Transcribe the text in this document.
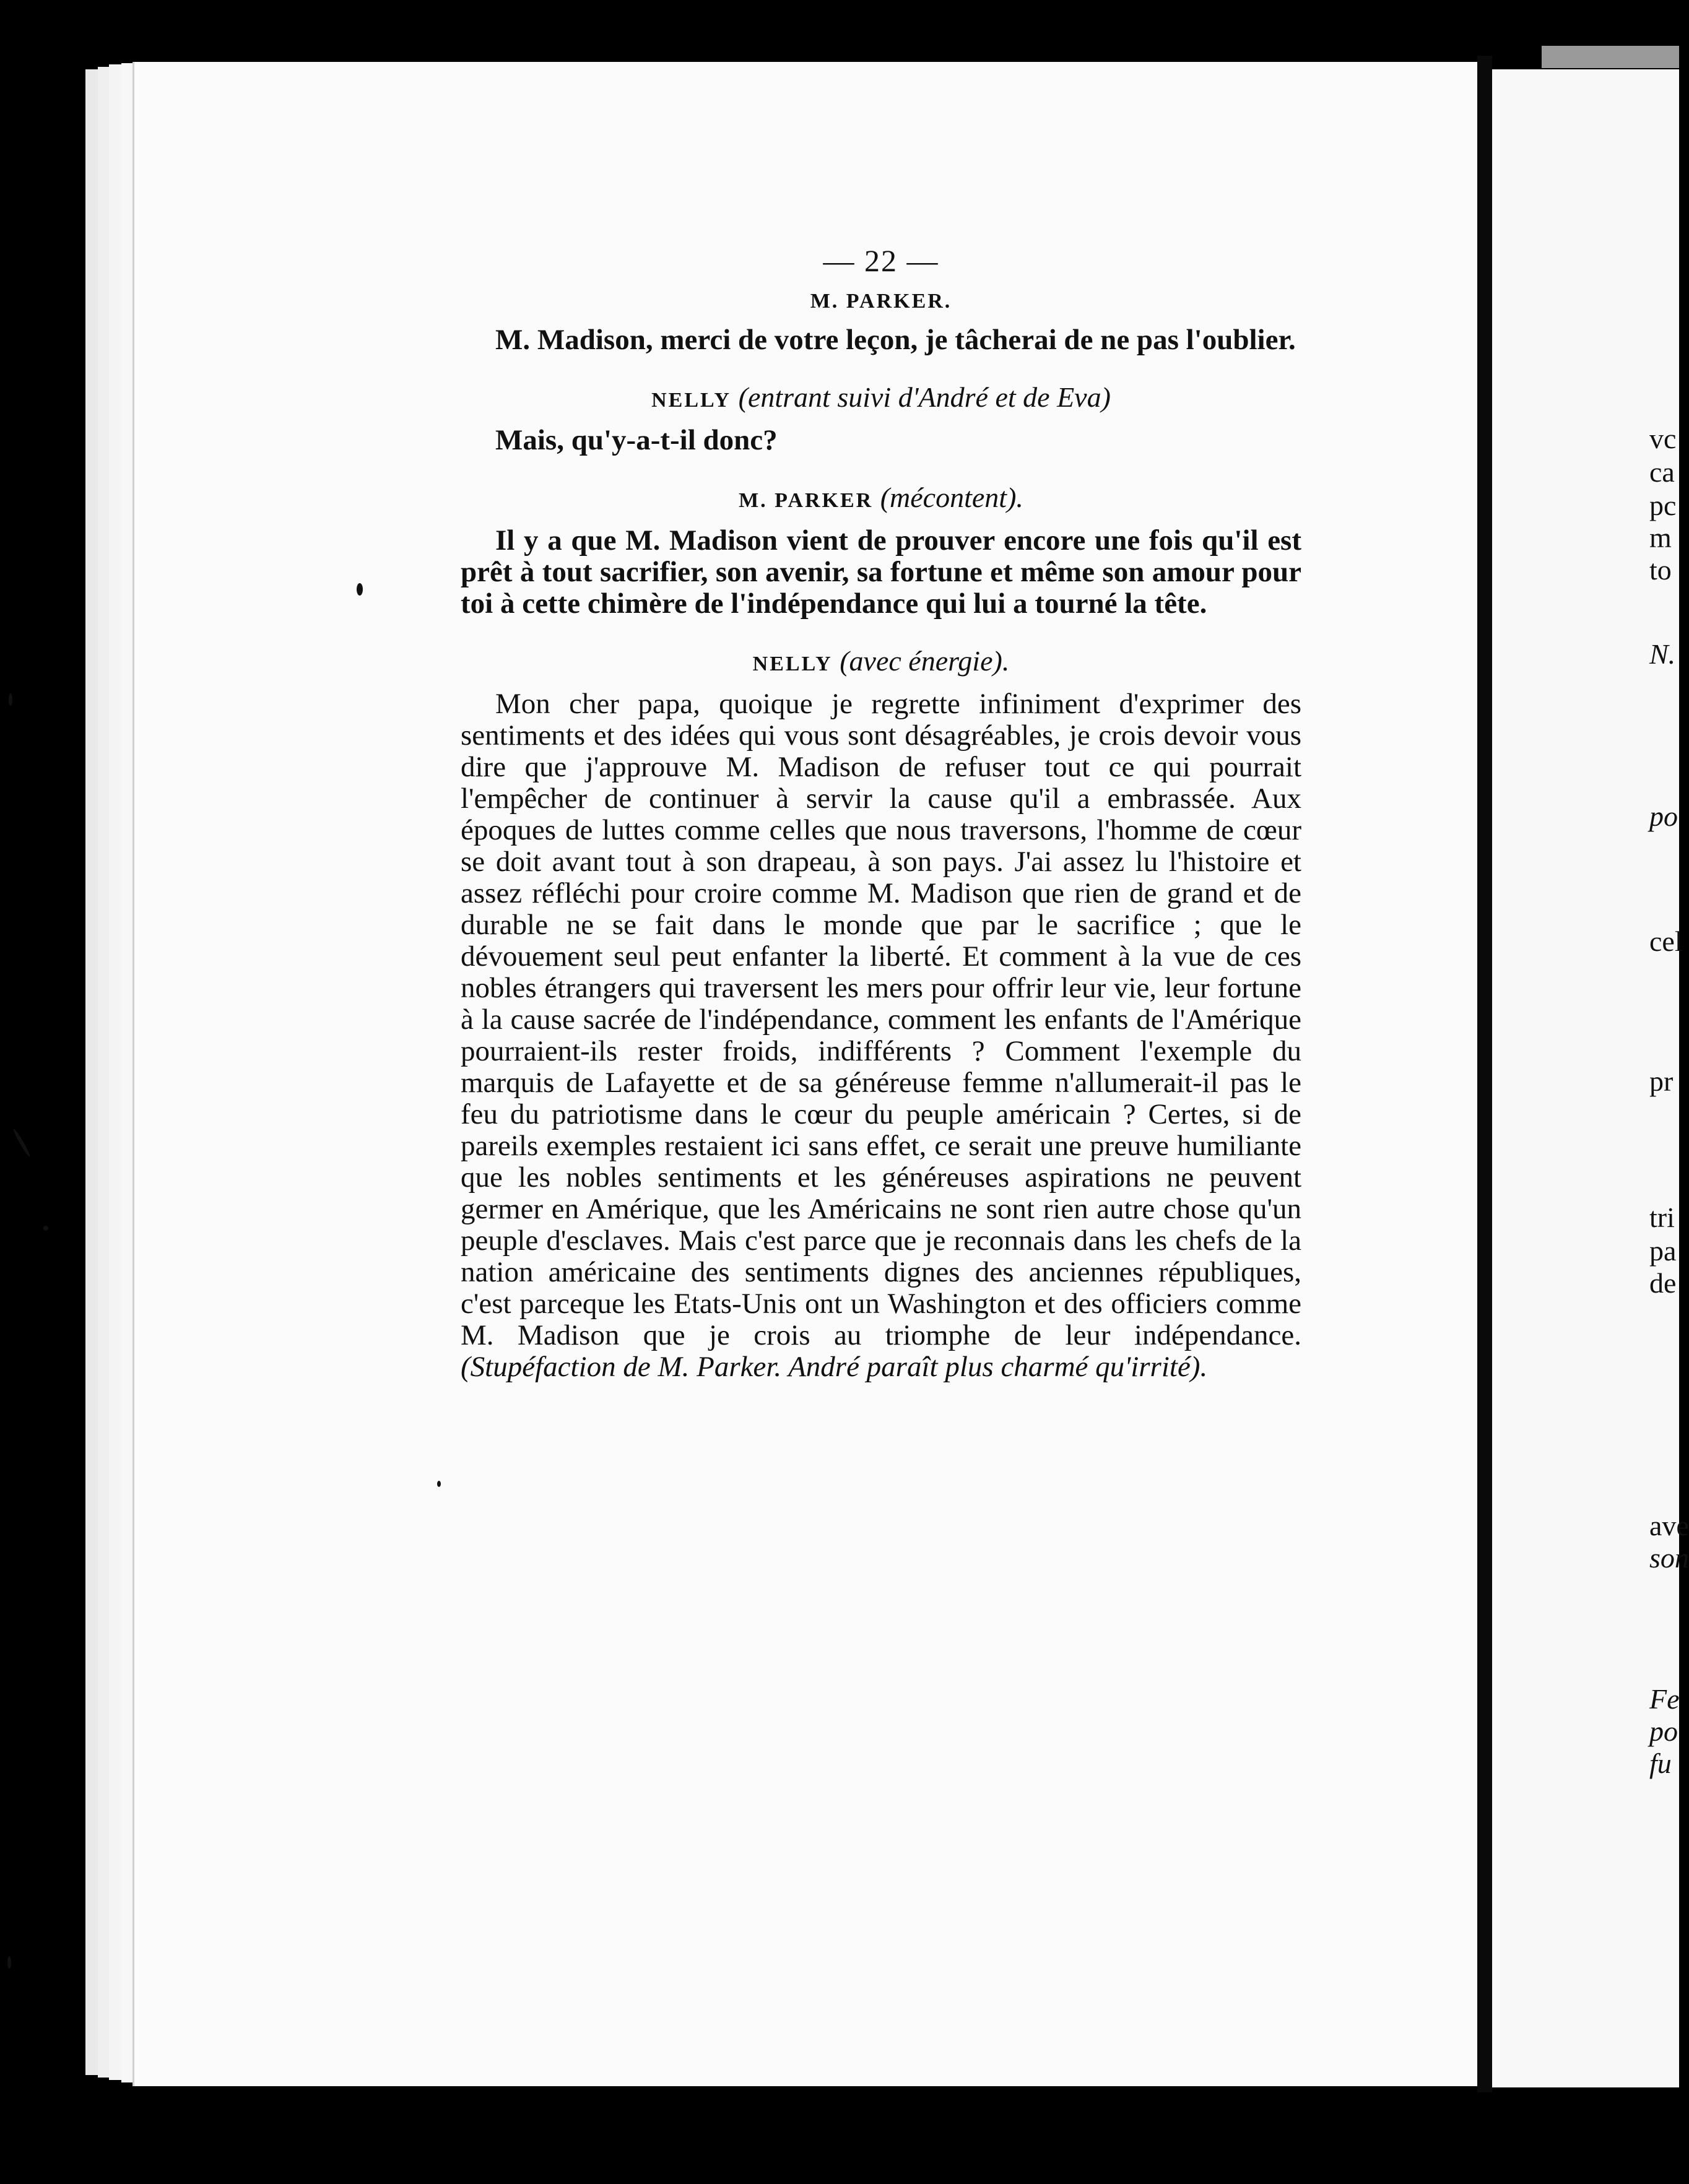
— 22 —
M. PARKER.

M. Madison, merci de votre leçon, je tâcherai de ne pas l'oublier.

NELLY (entrant suivi d'André et de Eva)

Mais, qu'y-a-t-il donc?

M. PARKER (mécontent).

Il y a que M. Madison vient de prouver encore une fois qu'il est prêt à tout sacrifier, son avenir, sa fortune et même son amour pour toi à cette chimère de l'indépendance qui lui a tourné la tête.

NELLY (avec énergie).

Mon cher papa, quoique je regrette infiniment d'exprimer des sentiments et des idées qui vous sont désagréables, je crois devoir vous dire que j'approuve M. Madison de refuser tout ce qui pourrait l'empêcher de continuer à servir la cause qu'il a embrassée. Aux époques de luttes comme celles que nous traversons, l'homme de cœur se doit avant tout à son drapeau, à son pays. J'ai assez lu l'histoire et assez réfléchi pour croire comme M. Madison que rien de grand et de durable ne se fait dans le monde que par le sacrifice ; que le dévouement seul peut enfanter la liberté. Et comment à la vue de ces nobles étrangers qui traversent les mers pour offrir leur vie, leur fortune à la cause sacrée de l'indépendance, comment les enfants de l'Amérique pourraient-ils rester froids, indifférents ? Comment l'exemple du marquis de Lafayette et de sa généreuse femme n'allumerait-il pas le feu du patriotisme dans le cœur du peuple américain ? Certes, si de pareils exemples restaient ici sans effet, ce serait une preuve humiliante que les nobles sentiments et les généreuses aspirations ne peuvent germer en Amérique, que les Américains ne sont rien autre chose qu'un peuple d'esclaves. Mais c'est parce que je reconnais dans les chefs de la nation américaine des sentiments dignes des anciennes républiques, c'est parceque les Etats-Unis ont un Washington et des officiers comme M. Madison que je crois au triomphe de leur indépendance. (Stupéfaction de M. Parker. André paraît plus charmé qu'irrité).

vc
ca
pc
m
to
N.
po
cel
pr
tri
pa
de
ave
son
Fe
po
fu
